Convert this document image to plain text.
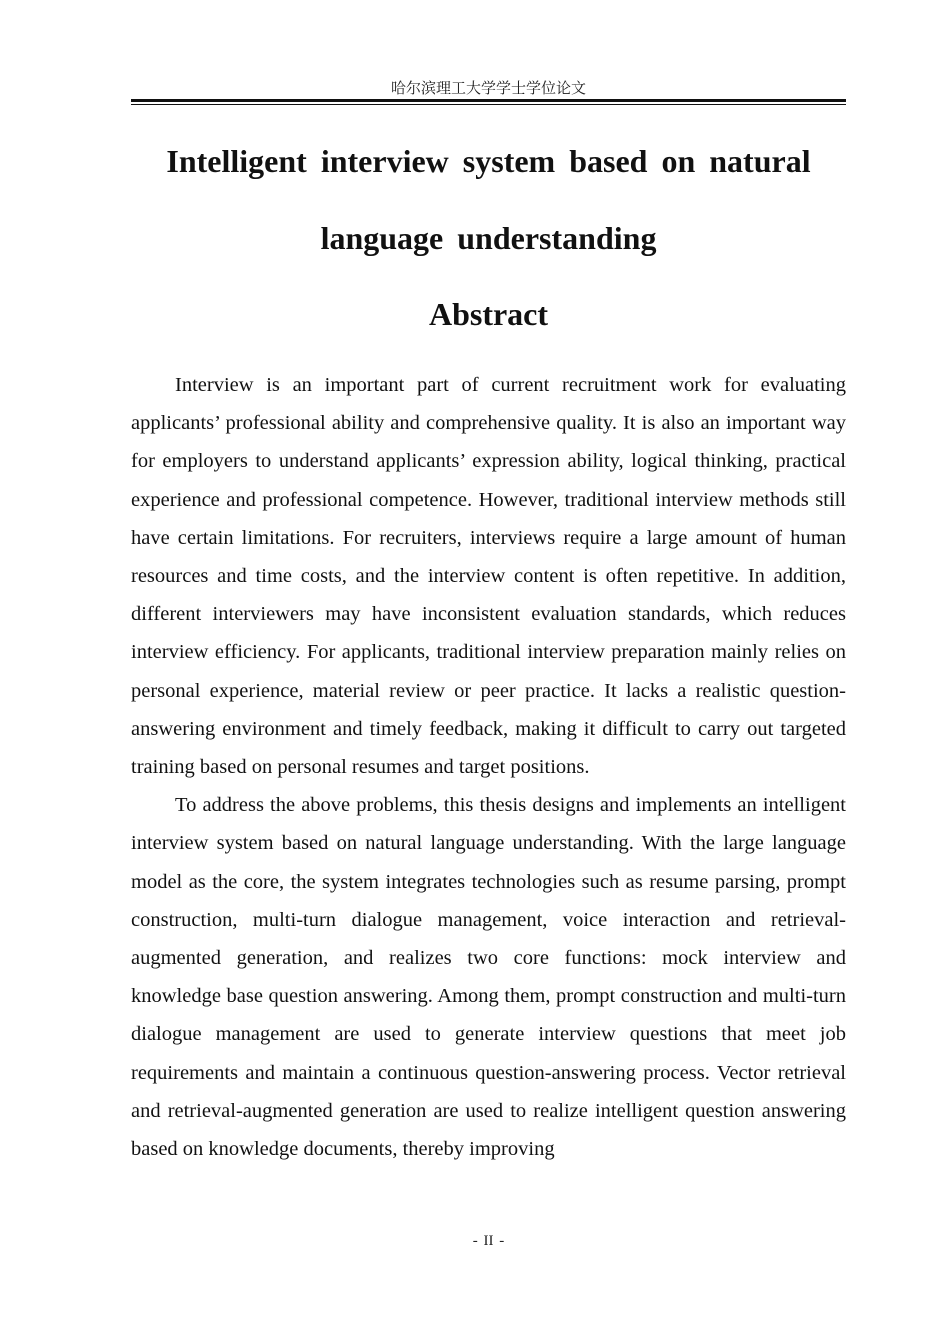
哈尔滨理工大学学士学位论文
Intelligent interview system based on natural
language understanding
Abstract

Interview is an important part of current recruitment work for evaluating applicants’ professional ability and comprehensive quality. It is also an important way for employers to understand applicants’ expression ability, logical thinking, practical experience and professional competence. However, traditional interview methods still have certain limitations. For recruiters, interviews require a large amount of human resources and time costs, and the interview content is often repetitive. In addition, different interviewers may have inconsistent evaluation standards, which reduces interview efficiency. For applicants, traditional interview preparation mainly relies on personal experience, material review or peer practice. It lacks a realistic question-answering environment and timely feedback, making it difficult to carry out targeted training based on personal resumes and target positions.

To address the above problems, this thesis designs and implements an intelligent interview system based on natural language understanding. With the large language model as the core, the system integrates technologies such as resume parsing, prompt construction, multi-turn dialogue management, voice interaction and retrieval-augmented generation, and realizes two core functions: mock interview and knowledge base question answering. Among them, prompt construction and multi-turn dialogue management are used to generate interview questions that meet job requirements and maintain a continuous question-answering process. Vector retrieval and retrieval-augmented generation are used to realize intelligent question answering based on knowledge documents, thereby improving

- II -
